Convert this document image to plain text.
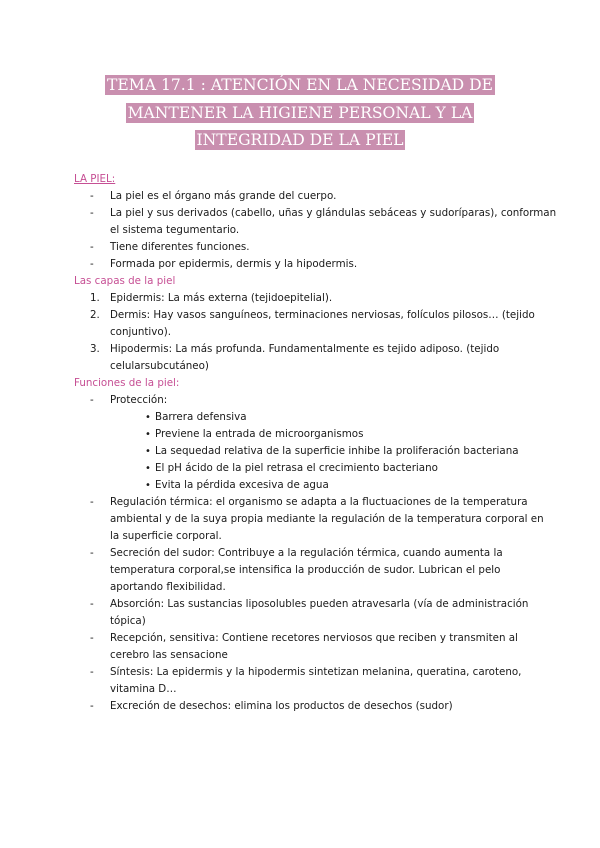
TEMA 17.1 : ATENCIÓN EN LA NECESIDAD DE
MANTENER LA HIGIENE PERSONAL Y LA
INTEGRIDAD DE LA PIEL
LA PIEL:
- La piel es el órgano más grande del cuerpo.
- La piel y sus derivados (cabello, uñas y glándulas sebáceas y sudoríparas), conforman
el sistema tegumentario.
- Tiene diferentes funciones.
- Formada por epidermis, dermis y la hipodermis.
Las capas de la piel
1. Epidermis: La más externa (tejidoepitelial).
2. Dermis: Hay vasos sanguíneos, terminaciones nerviosas, folículos pilosos… (tejido
conjuntivo).
3. Hipodermis: La más profunda. Fundamentalmente es tejido adiposo. (tejido
celularsubcutáneo)
Funciones de la piel:
- Protección:
• Barrera defensiva
• Previene la entrada de microorganismos
• La sequedad relativa de la superficie inhibe la proliferación bacteriana
• El pH ácido de la piel retrasa el crecimiento bacteriano
• Evita la pérdida excesiva de agua
- Regulación térmica: el organismo se adapta a la fluctuaciones de la temperatura
ambiental y de la suya propia mediante la regulación de la temperatura corporal en
la superficie corporal.
- Secreción del sudor: Contribuye a la regulación térmica, cuando aumenta la
temperatura corporal,se intensifica la producción de sudor. Lubrican el pelo
aportando flexibilidad.
- Absorción: Las sustancias liposolubles pueden atravesarla (vía de administración
tópica)
- Recepción, sensitiva: Contiene recetores nerviosos que reciben y transmiten al
cerebro las sensacione
- Síntesis: La epidermis y la hipodermis sintetizan melanina, queratina, caroteno,
vitamina D…
- Excreción de desechos: elimina los productos de desechos (sudor)
